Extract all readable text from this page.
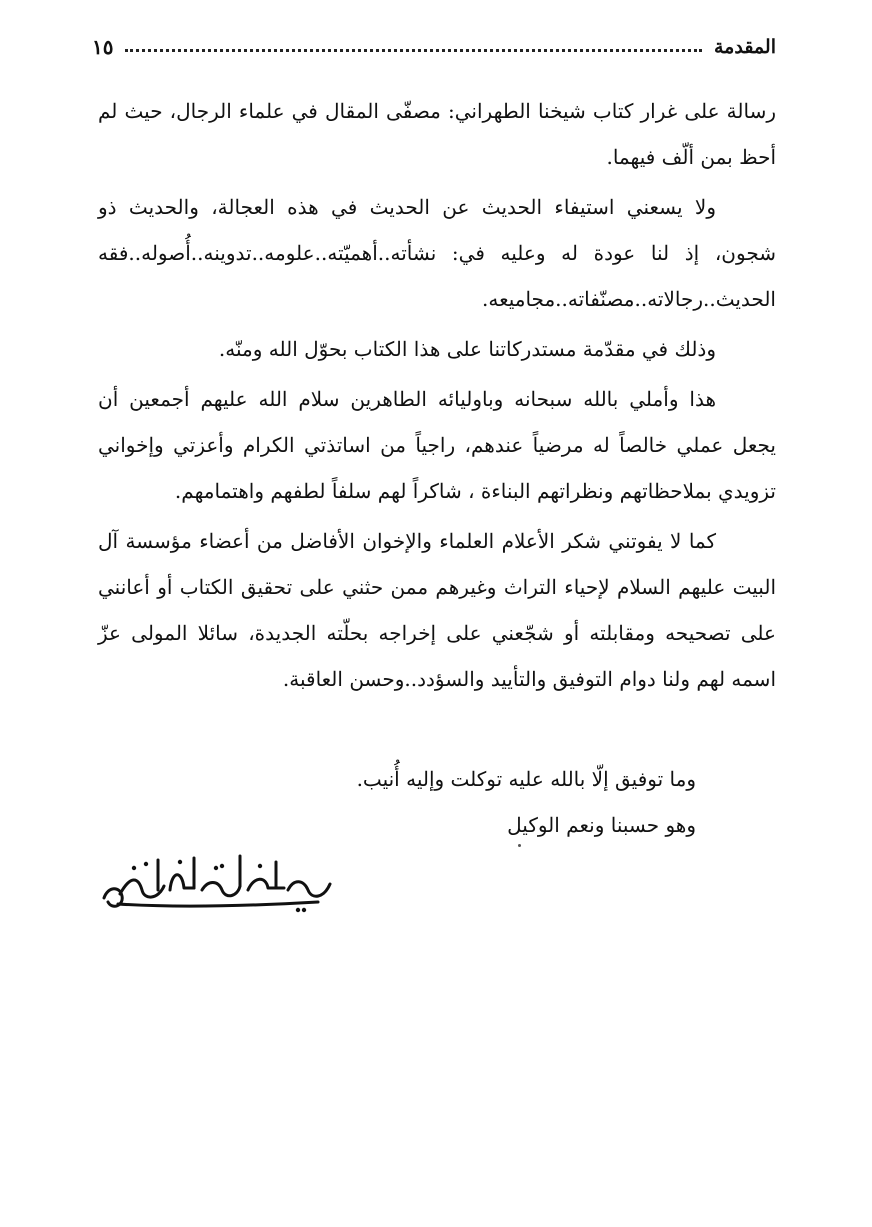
المقدمة
١٥

رسالة على غرار كتاب شيخنا الطهراني: مصفّى المقال في علماء الرجال، حيث لم أحظ بمن ألّف فيهما.

ولا يسعني استيفاء الحديث عن الحديث في هذه العجالة، والحديث ذو شجون، إذ لنا عودة له وعليه في: نشأته..أهميّته..علومه..تدوينه..أُصوله..فقه الحديث..رجالاته..مصنّفاته..مجاميعه.

وذلك في مقدّمة مستدركاتنا على هذا الكتاب بحوّل الله ومنّه.

هذا وأملي بالله سبحانه وباوليائه الطاهرين سلام الله عليهم أجمعين أن يجعل عملي خالصاً له مرضياً عندهم، راجياً من اساتذتي الكرام وأعزتي وإخواني تزويدي بملاحظاتهم ونظراتهم البناءة ، شاكراً لهم سلفاً لطفهم واهتمامهم.

كما لا يفوتني شكر الأعلام العلماء والإخوان الأفاضل من أعضاء مؤسسة آل البيت عليهم السلام لإحياء التراث وغيرهم ممن حثني على تحقيق الكتاب أو أعانني على تصحيحه ومقابلته أو شجّعني على إخراجه بحلّته الجديدة، سائلا المولى عزّ اسمه لهم ولنا دوام التوفيق والتأييد والسؤدد..وحسن العاقبة.

وما توفيق إلّا بالله عليه توكلت وإليه أُنيب.
وهو حسبنا ونعم الوكيل
